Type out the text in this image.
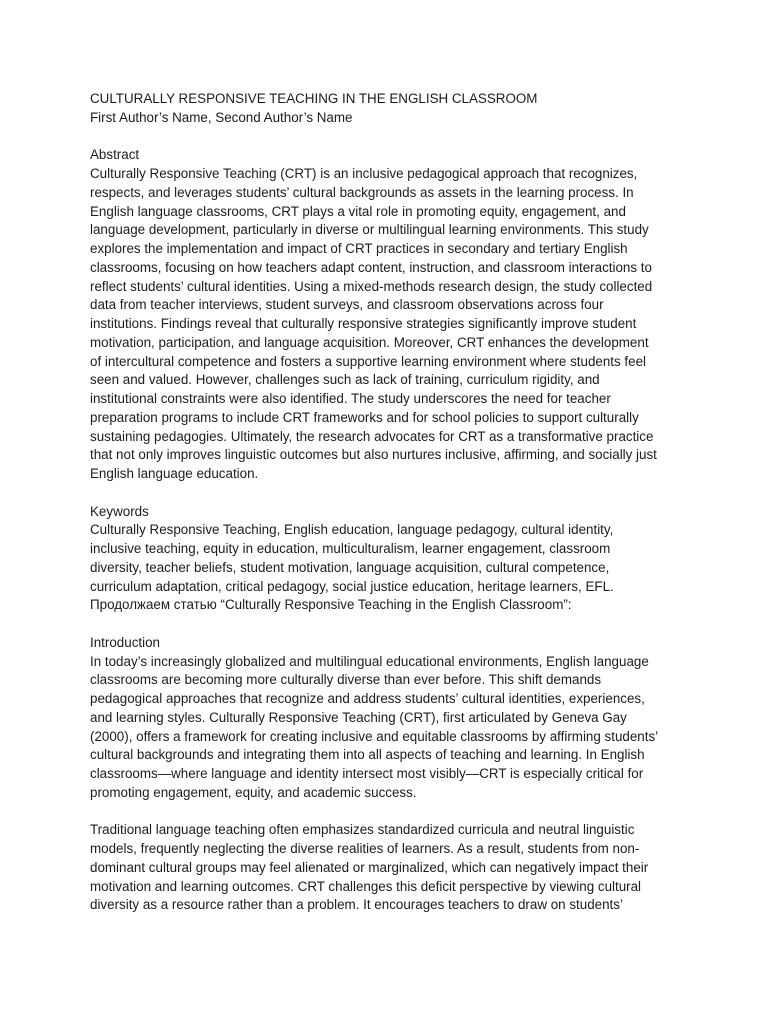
CULTURALLY RESPONSIVE TEACHING IN THE ENGLISH CLASSROOM

First Author’s Name, Second Author’s Name

Abstract

Culturally Responsive Teaching (CRT) is an inclusive pedagogical approach that recognizes,

respects, and leverages students’ cultural backgrounds as assets in the learning process. In

English language classrooms, CRT plays a vital role in promoting equity, engagement, and

language development, particularly in diverse or multilingual learning environments. This study

explores the implementation and impact of CRT practices in secondary and tertiary English

classrooms, focusing on how teachers adapt content, instruction, and classroom interactions to

reflect students’ cultural identities. Using a mixed-methods research design, the study collected

data from teacher interviews, student surveys, and classroom observations across four

institutions. Findings reveal that culturally responsive strategies significantly improve student

motivation, participation, and language acquisition. Moreover, CRT enhances the development

of intercultural competence and fosters a supportive learning environment where students feel

seen and valued. However, challenges such as lack of training, curriculum rigidity, and

institutional constraints were also identified. The study underscores the need for teacher

preparation programs to include CRT frameworks and for school policies to support culturally

sustaining pedagogies. Ultimately, the research advocates for CRT as a transformative practice

that not only improves linguistic outcomes but also nurtures inclusive, affirming, and socially just

English language education.

Keywords

Culturally Responsive Teaching, English education, language pedagogy, cultural identity,

inclusive teaching, equity in education, multiculturalism, learner engagement, classroom

diversity, teacher beliefs, student motivation, language acquisition, cultural competence,

curriculum adaptation, critical pedagogy, social justice education, heritage learners, EFL.

Продолжаем статью “Culturally Responsive Teaching in the English Classroom”:

Introduction

In today’s increasingly globalized and multilingual educational environments, English language

classrooms are becoming more culturally diverse than ever before. This shift demands

pedagogical approaches that recognize and address students’ cultural identities, experiences,

and learning styles. Culturally Responsive Teaching (CRT), first articulated by Geneva Gay

(2000), offers a framework for creating inclusive and equitable classrooms by affirming students’

cultural backgrounds and integrating them into all aspects of teaching and learning. In English

classrooms—where language and identity intersect most visibly—CRT is especially critical for

promoting engagement, equity, and academic success.

Traditional language teaching often emphasizes standardized curricula and neutral linguistic

models, frequently neglecting the diverse realities of learners. As a result, students from non-

dominant cultural groups may feel alienated or marginalized, which can negatively impact their

motivation and learning outcomes. CRT challenges this deficit perspective by viewing cultural

diversity as a resource rather than a problem. It encourages teachers to draw on students’
